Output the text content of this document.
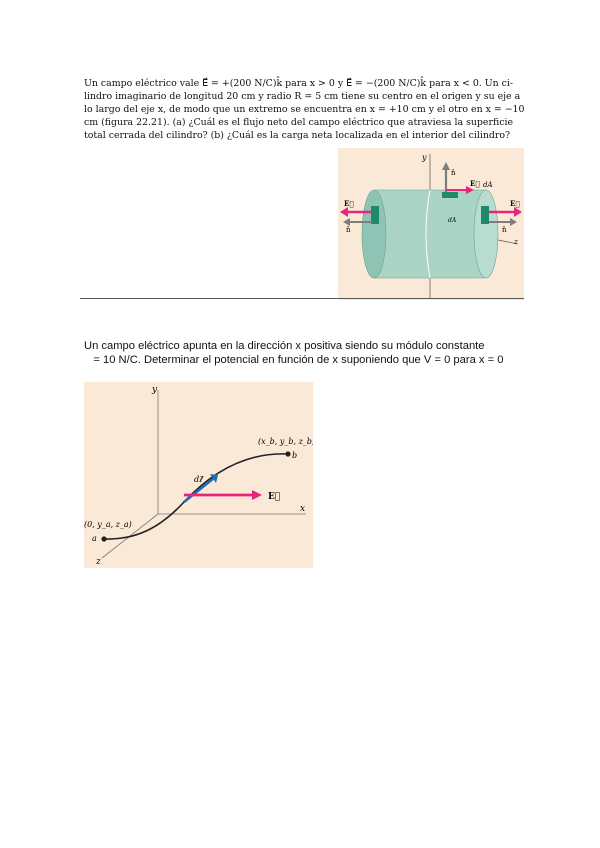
Un campo eléctrico vale E⃗ = +(200 N/C)k̂ para x > 0 y E⃗ = −(200 N/C)k̂ para x < 0. Un ci-
lindro imaginario de longitud 20 cm y radio R = 5 cm tiene su centro en el origen y su eje a
lo largo del eje x, de modo que un extremo se encuentra en x = +10 cm y el otro en x = −10
cm (figura 22.21). (a) ¿Cuál es el flujo neto del campo eléctrico que atraviesa la superficie
total cerrada del cilindro? (b) ¿Cuál es la carga neta localizada en el interior del cilindro?
y
z
n̂
E⃗ dA
dA
E⃗
n̂
E⃗
n̂
Un campo eléctrico apunta en la dirección x positiva siendo su módulo constante
= 10 N/C. Determinar el potencial en función de x suponiendo que V = 0 para x = 0
y
x
z
(x_b, y_b, z_b)
b
(0, y_a, z_a)
a
dℓ⃗
E⃗
